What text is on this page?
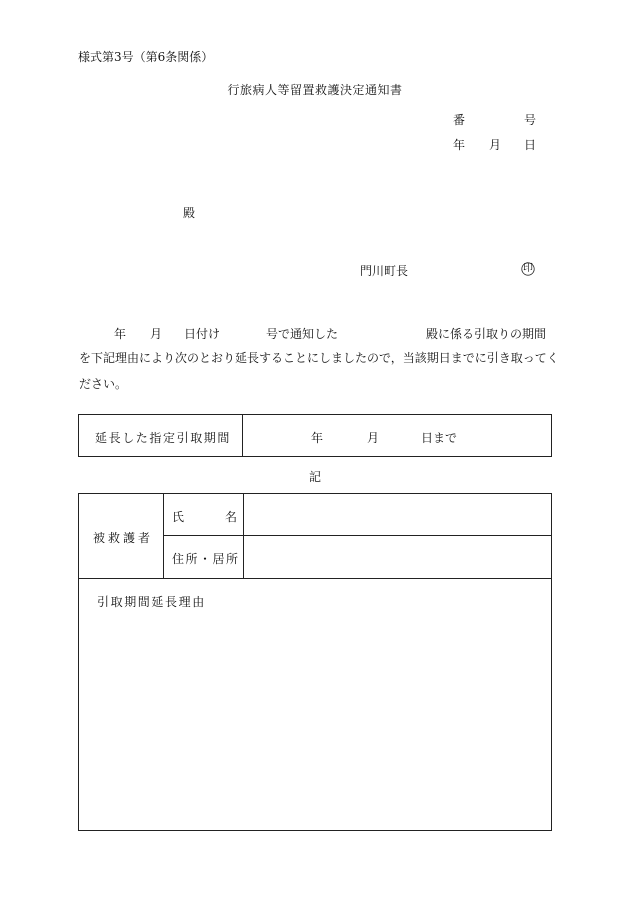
様式第3号（第6条関係）
行旅病人等留置救護決定通知書
番	号
年 月 日
殿
門川町長	印
年 月 日付け	号で通知した	殿に係る引取りの期間
を下記理由により次のとおり延長することにしましたので，当該期日までに引き取ってく
ださい。
延長した指定引取期間	年	月	日まで
記
被救護者
氏	名
住所・居所
引取期間延長理由
